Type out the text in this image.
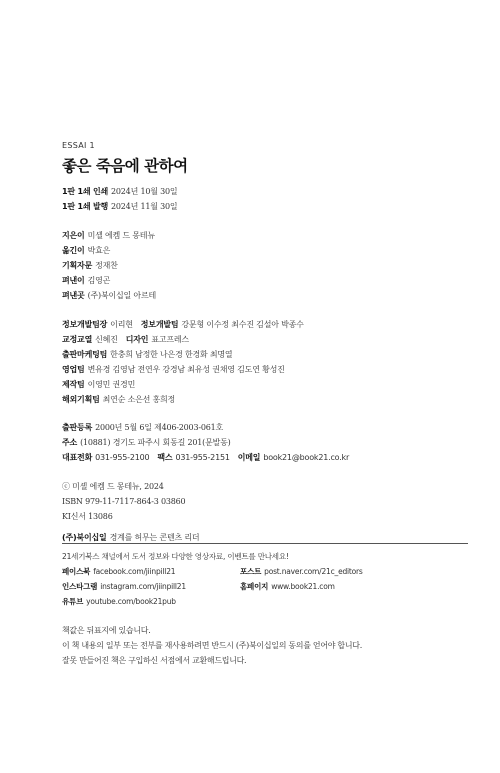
ESSAI 1
좋은 죽음에 관하여
1판 1쇄 인쇄 2024년 10월 30일
1판 1쇄 발행 2024년 11월 30일
지은이 미셸 에켐 드 몽테뉴
옮긴이 박효은
기획자문 정재찬
펴낸이 김영곤
펴낸곳 (주)북이십일 아르테
정보개발팀장 이리현 정보개발팀 강문형 이수정 최수진 김설아 박종수
교정교열 신혜진 디자인 표고프레스
출판마케팅팀 한충희 남정한 나은경 한경화 최명열
영업팀 변유경 김영남 전연우 강경남 최유성 권채영 김도연 황성진
제작팀 이영민 권경민
해외기획팀 최연순 소은선 홍희정
출판등록 2000년 5월 6일 제406-2003-061호
주소 (10881) 경기도 파주시 회동길 201(문발동)
대표전화 031-955-2100 팩스 031-955-2151 이메일 book21@book21.co.kr
ⓒ 미셸 에켐 드 몽테뉴, 2024
ISBN 979-11-7117-864-3 03860
KI신서 13086
(주)북이십일 경계를 허무는 콘텐츠 리더
21세기북스 채널에서 도서 정보와 다양한 영상자료, 이벤트를 만나세요!
페이스북 facebook.com/jiinpill21	포스트 post.naver.com/21c_editors
인스타그램 instagram.com/jiinpill21	홈페이지 www.book21.com
유튜브 youtube.com/book21pub
책값은 뒤표지에 있습니다.
이 책 내용의 일부 또는 전부를 재사용하려면 반드시 (주)북이십일의 동의를 얻어야 합니다.
잘못 만들어진 책은 구입하신 서점에서 교환해드립니다.
